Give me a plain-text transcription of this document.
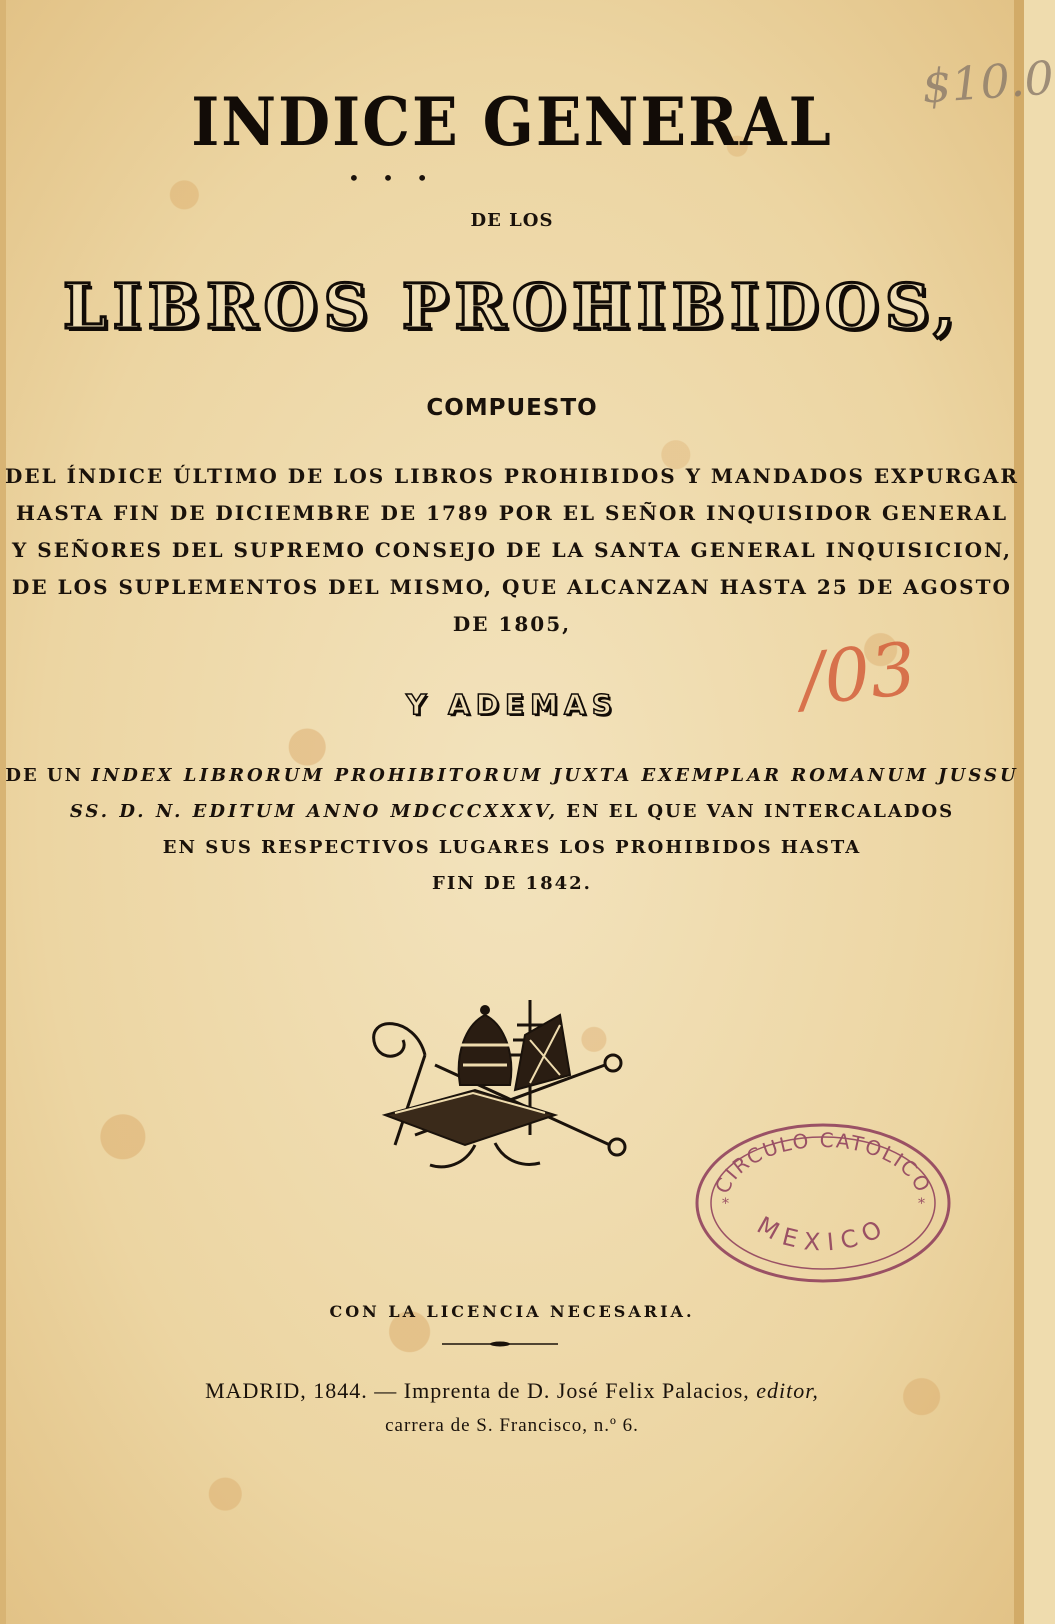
$10.0
INDICE GENERAL
• • •
DE LOS
LIBROS PROHIBIDOS,
COMPUESTO
DEL ÍNDICE ÚLTIMO DE LOS LIBROS PROHIBIDOS Y MANDADOS EXPURGAR
HASTA FIN DE DICIEMBRE DE 1789 POR EL SEÑOR INQUISIDOR GENERAL
Y SEÑORES DEL SUPREMO CONSEJO DE LA SANTA GENERAL INQUISICION,
DE LOS SUPLEMENTOS DEL MISMO, QUE ALCANZAN HASTA 25 DE AGOSTO
DE 1805,
/03
Y ADEMAS
DE UN INDEX LIBRORUM PROHIBITORUM JUXTA EXEMPLAR ROMANUM JUSSU
SS. D. N. EDITUM ANNO MDCCCXXXV, EN EL QUE VAN INTERCALADOS
EN SUS RESPECTIVOS LUGARES LOS PROHIBIDOS HASTA
FIN DE 1842.
CIRCULO CATOLICO
MEXICO
*	*
CON LA LICENCIA NECESARIA.
MADRID, 1844. — Imprenta de D. José Felix Palacios, editor,
carrera de S. Francisco, n.º 6.
